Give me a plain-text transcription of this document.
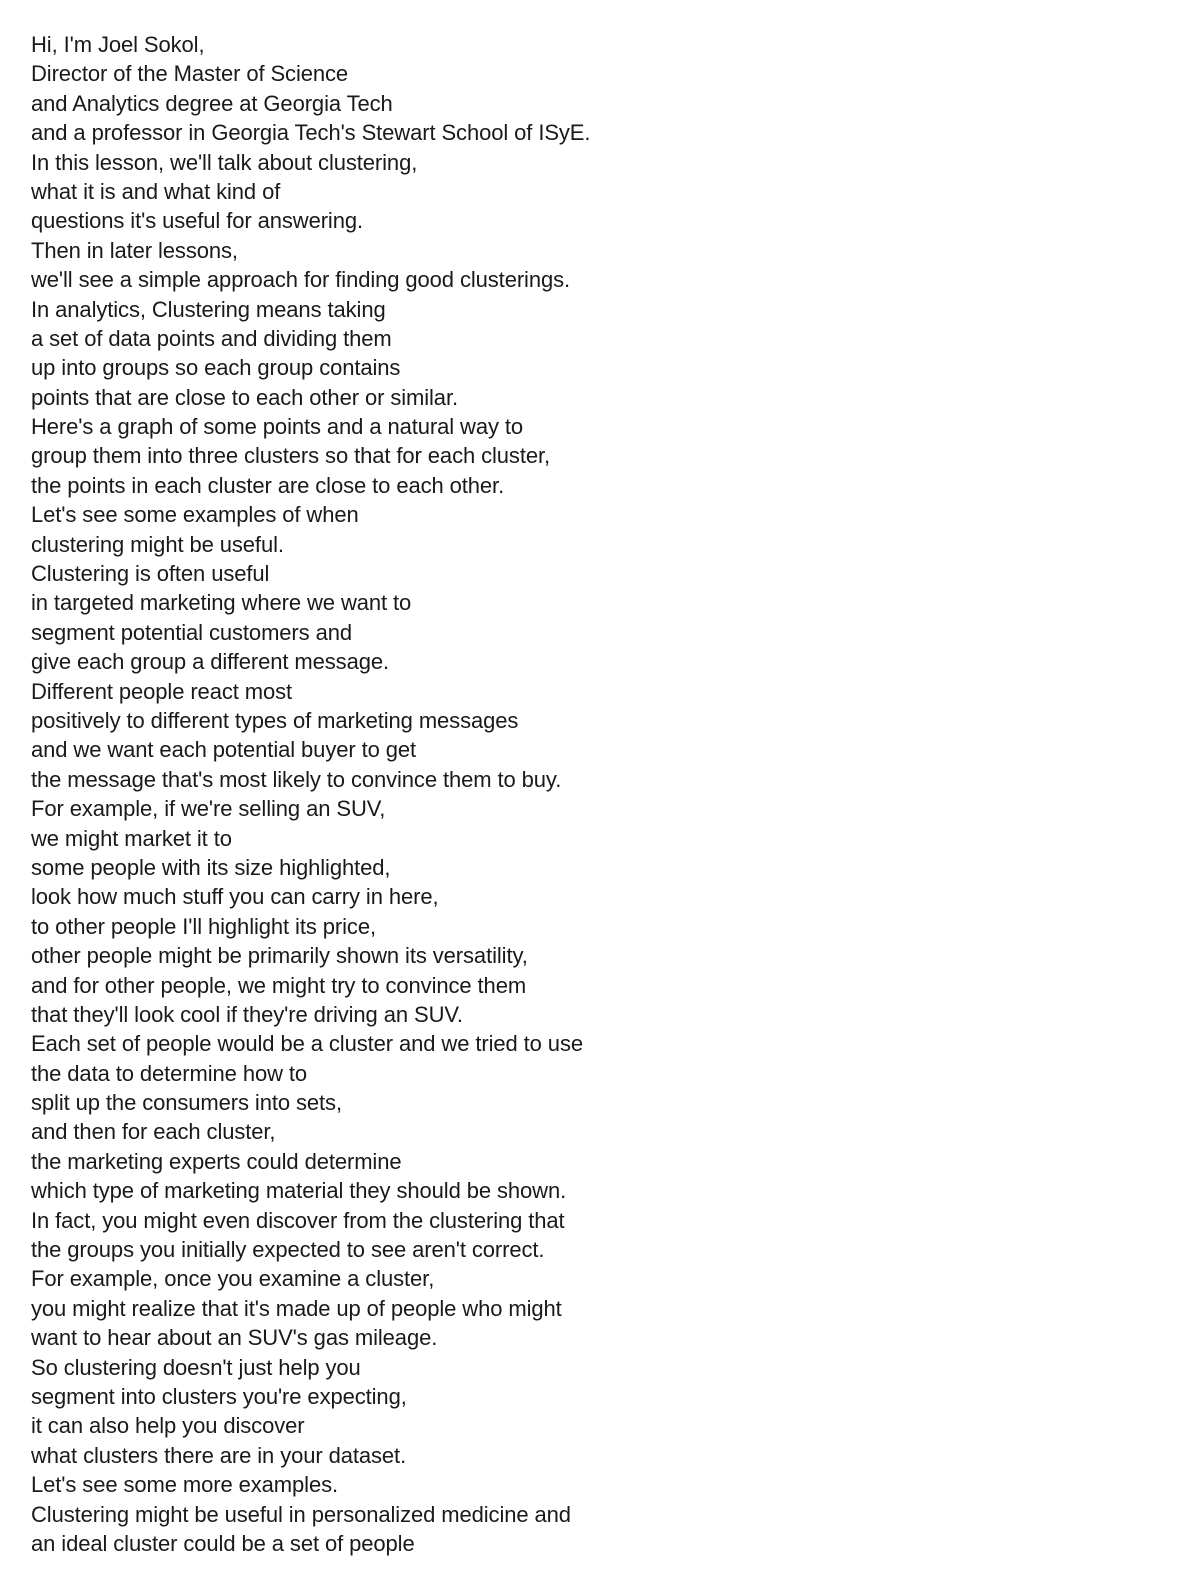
Hi, I'm Joel Sokol,
Director of the Master of Science
and Analytics degree at Georgia Tech
and a professor in Georgia Tech's Stewart School of ISyE.
In this lesson, we'll talk about clustering,
what it is and what kind of
questions it's useful for answering.
Then in later lessons,
we'll see a simple approach for finding good clusterings.
In analytics, Clustering means taking
a set of data points and dividing them
up into groups so each group contains
points that are close to each other or similar.
Here's a graph of some points and a natural way to
group them into three clusters so that for each cluster,
the points in each cluster are close to each other.
Let's see some examples of when
clustering might be useful.
Clustering is often useful
in targeted marketing where we want to
segment potential customers and
give each group a different message.
Different people react most
positively to different types of marketing messages
and we want each potential buyer to get
the message that's most likely to convince them to buy.
For example, if we're selling an SUV,
we might market it to
some people with its size highlighted,
look how much stuff you can carry in here,
to other people I'll highlight its price,
other people might be primarily shown its versatility,
and for other people, we might try to convince them
that they'll look cool if they're driving an SUV.
Each set of people would be a cluster and we tried to use
the data to determine how to
split up the consumers into sets,
and then for each cluster,
the marketing experts could determine
which type of marketing material they should be shown.
In fact, you might even discover from the clustering that
the groups you initially expected to see aren't correct.
For example, once you examine a cluster,
you might realize that it's made up of people who might
want to hear about an SUV's gas mileage.
So clustering doesn't just help you
segment into clusters you're expecting,
it can also help you discover
what clusters there are in your dataset.
Let's see some more examples.
Clustering might be useful in personalized medicine and
an ideal cluster could be a set of people
